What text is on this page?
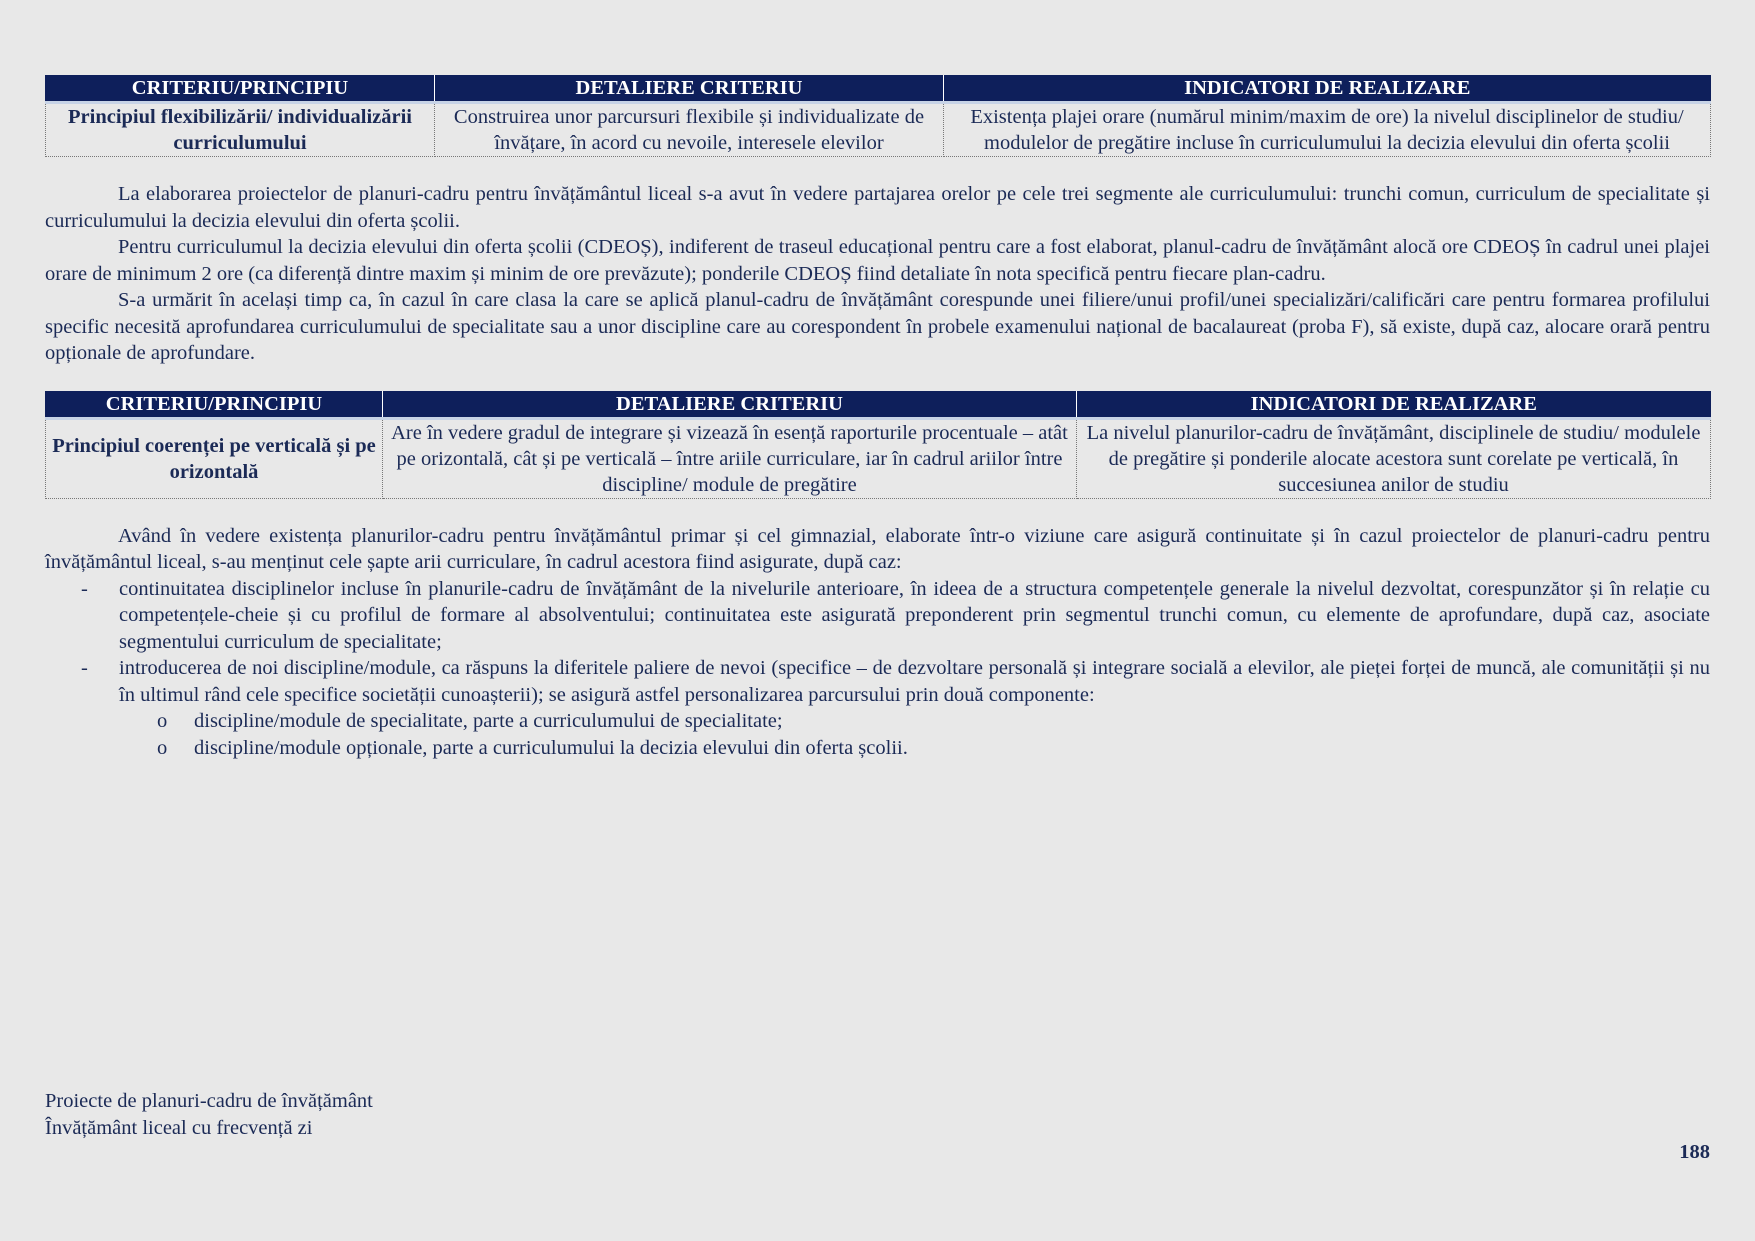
CRITERIU/PRINCIPIU	DETALIERE CRITERIU	INDICATORI DE REALIZARE
Principiul flexibilizării/ individualizării curriculumului	Construirea unor parcursuri flexibile și individualizate de învățare, în acord cu nevoile, interesele elevilor	Existența plajei orare (numărul minim/maxim de ore) la nivelul disciplinelor de studiu/ modulelor de pregătire incluse în curriculumului la decizia elevului din oferta școlii

La elaborarea proiectelor de planuri-cadru pentru învățământul liceal s-a avut în vedere partajarea orelor pe cele trei segmente ale curriculumului: trunchi comun, curriculum de specialitate și curriculumului la decizia elevului din oferta școlii.

Pentru curriculumul la decizia elevului din oferta școlii (CDEOȘ), indiferent de traseul educațional pentru care a fost elaborat, planul-cadru de învățământ alocă ore CDEOȘ în cadrul unei plajei orare de minimum 2 ore (ca diferență dintre maxim și minim de ore prevăzute); ponderile CDEOȘ fiind detaliate în nota specifică pentru fiecare plan-cadru.

S-a urmărit în același timp ca, în cazul în care clasa la care se aplică planul-cadru de învățământ corespunde unei filiere/unui profil/unei specializări/calificări care pentru formarea profilului specific necesită aprofundarea curriculumului de specialitate sau a unor discipline care au corespondent în probele examenului național de bacalaureat (proba F), să existe, după caz, alocare orară pentru opționale de aprofundare.

CRITERIU/PRINCIPIU	DETALIERE CRITERIU	INDICATORI DE REALIZARE
Principiul coerenței pe verticală și pe orizontală	Are în vedere gradul de integrare și vizează în esență raporturile procentuale – atât pe orizontală, cât și pe verticală – între ariile curriculare, iar în cadrul ariilor între discipline/ module de pregătire	La nivelul planurilor-cadru de învățământ, disciplinele de studiu/ modulele de pregătire și ponderile alocate acestora sunt corelate pe verticală, în succesiunea anilor de studiu

Având în vedere existența planurilor-cadru pentru învățământul primar și cel gimnazial, elaborate într-o viziune care asigură continuitate și în cazul proiectelor de planuri-cadru pentru învățământul liceal, s-au menținut cele șapte arii curriculare, în cadrul acestora fiind asigurate, după caz:

- continuitatea disciplinelor incluse în planurile-cadru de învățământ de la nivelurile anterioare, în ideea de a structura competențele generale la nivelul dezvoltat, corespunzător și în relație cu competențele-cheie și cu profilul de formare al absolventului; continuitatea este asigurată preponderent prin segmentul trunchi comun, cu elemente de aprofundare, după caz, asociate segmentului curriculum de specialitate;
- introducerea de noi discipline/module, ca răspuns la diferitele paliere de nevoi (specifice – de dezvoltare personală și integrare socială a elevilor, ale pieței forței de muncă, ale comunității și nu în ultimul rând cele specifice societății cunoașterii); se asigură astfel personalizarea parcursului prin două componente:
o discipline/module de specialitate, parte a curriculumului de specialitate;
o discipline/module opționale, parte a curriculumului la decizia elevului din oferta școlii.
Proiecte de planuri-cadru de învățământ
Învățământ liceal cu frecvență zi
188
